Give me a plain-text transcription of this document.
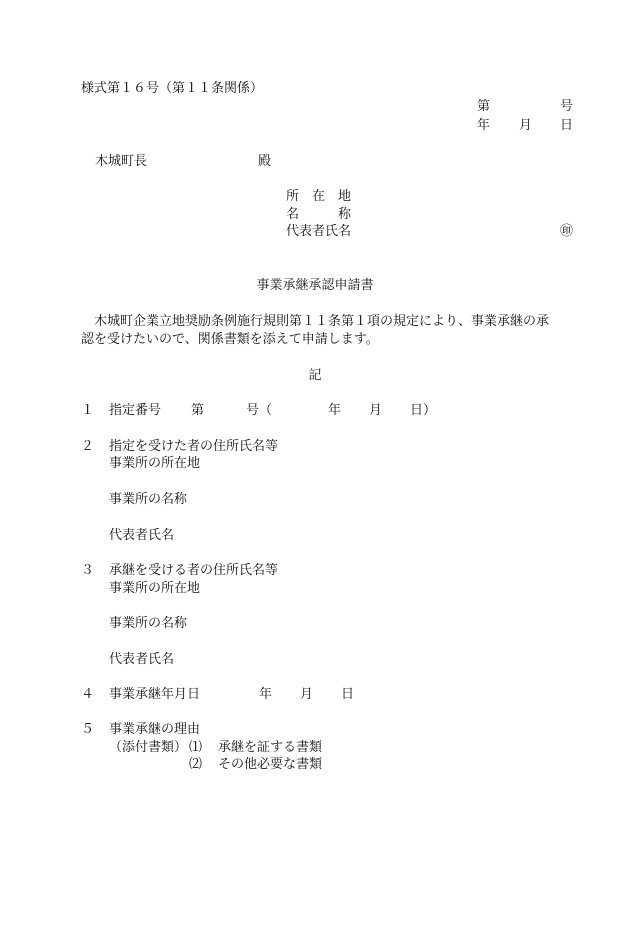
様式第１６号（第１１条関係）
第	号
年 月 日
木城町長	殿
所　在　地
名　　　称
代表者氏名	㊞
事業承継承認申請書
　木城町企業立地奨励条例施行規則第１１条第１項の規定により、事業承継の承
認を受けたいので、関係書類を添えて申請します。
記
１ 指定番号 第	号（	年 月 日）
２ 指定を受けた者の住所氏名等
事業所の所在地
事業所の名称
代表者氏名
３ 承継を受ける者の住所氏名等
事業所の所在地
事業所の名称
代表者氏名
４ 事業承継年月日	年 月 日
５ 事業承継の理由
（添付書類） ⑴ 承継を証する書類
⑵ その他必要な書類
